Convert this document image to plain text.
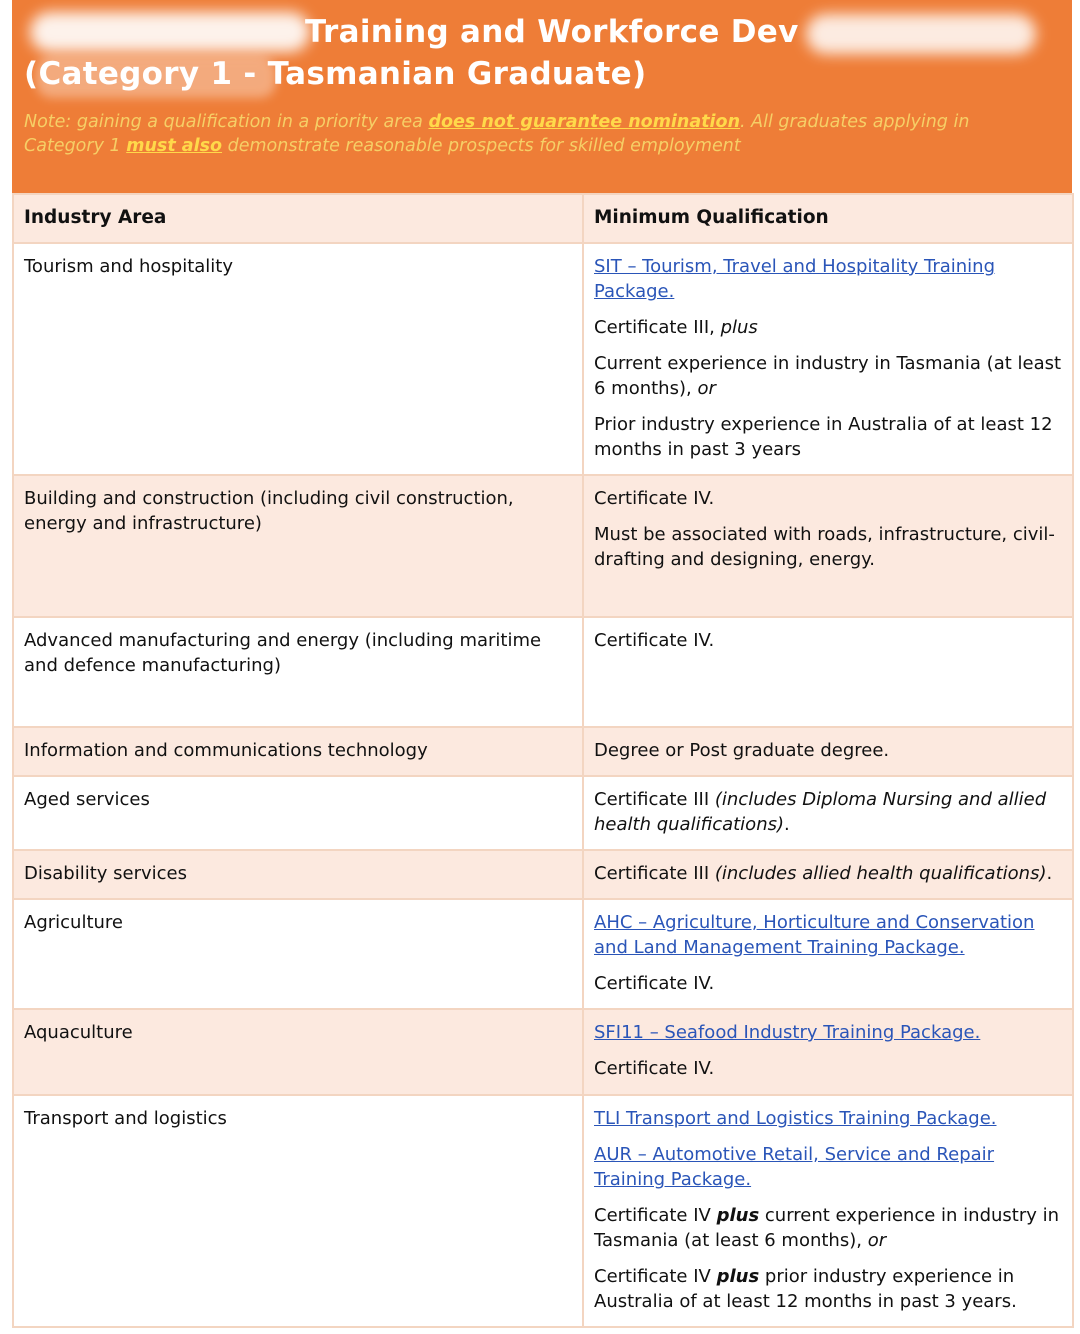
Training and Workforce Dev
(Category 1 - Tasmanian Graduate)
Note: gaining a qualification in a priority area does not guarantee nomination. All graduates applying in Category 1 must also demonstrate reasonable prospects for skilled employment
Industry Area	Minimum Qualification
Tourism and hospitality	SIT – Tourism, Travel and Hospitality Training Package.
Certificate III, plus
Current experience in industry in Tasmania (at least 6 months), or
Prior industry experience in Australia of at least 12 months in past 3 years

Building and construction (including civil construction, energy and infrastructure)	Certificate IV.
Must be associated with roads, infrastructure, civil-drafting and designing, energy.

Advanced manufacturing and energy (including maritime and defence manufacturing)	Certificate IV.

Information and communications technology	Degree or Post graduate degree.

Aged services	Certificate III (includes Diploma Nursing and allied health qualifications).

Disability services	Certificate III (includes allied health qualifications).

Agriculture	AHC – Agriculture, Horticulture and Conservation and Land Management Training Package.
Certificate IV.

Aquaculture	SFI11 – Seafood Industry Training Package.
Certificate IV.

Transport and logistics	TLI Transport and Logistics Training Package.
AUR – Automotive Retail, Service and Repair Training Package.
Certificate IV plus current experience in industry in Tasmania (at least 6 months), or
Certificate IV plus prior industry experience in Australia of at least 12 months in past 3 years.
